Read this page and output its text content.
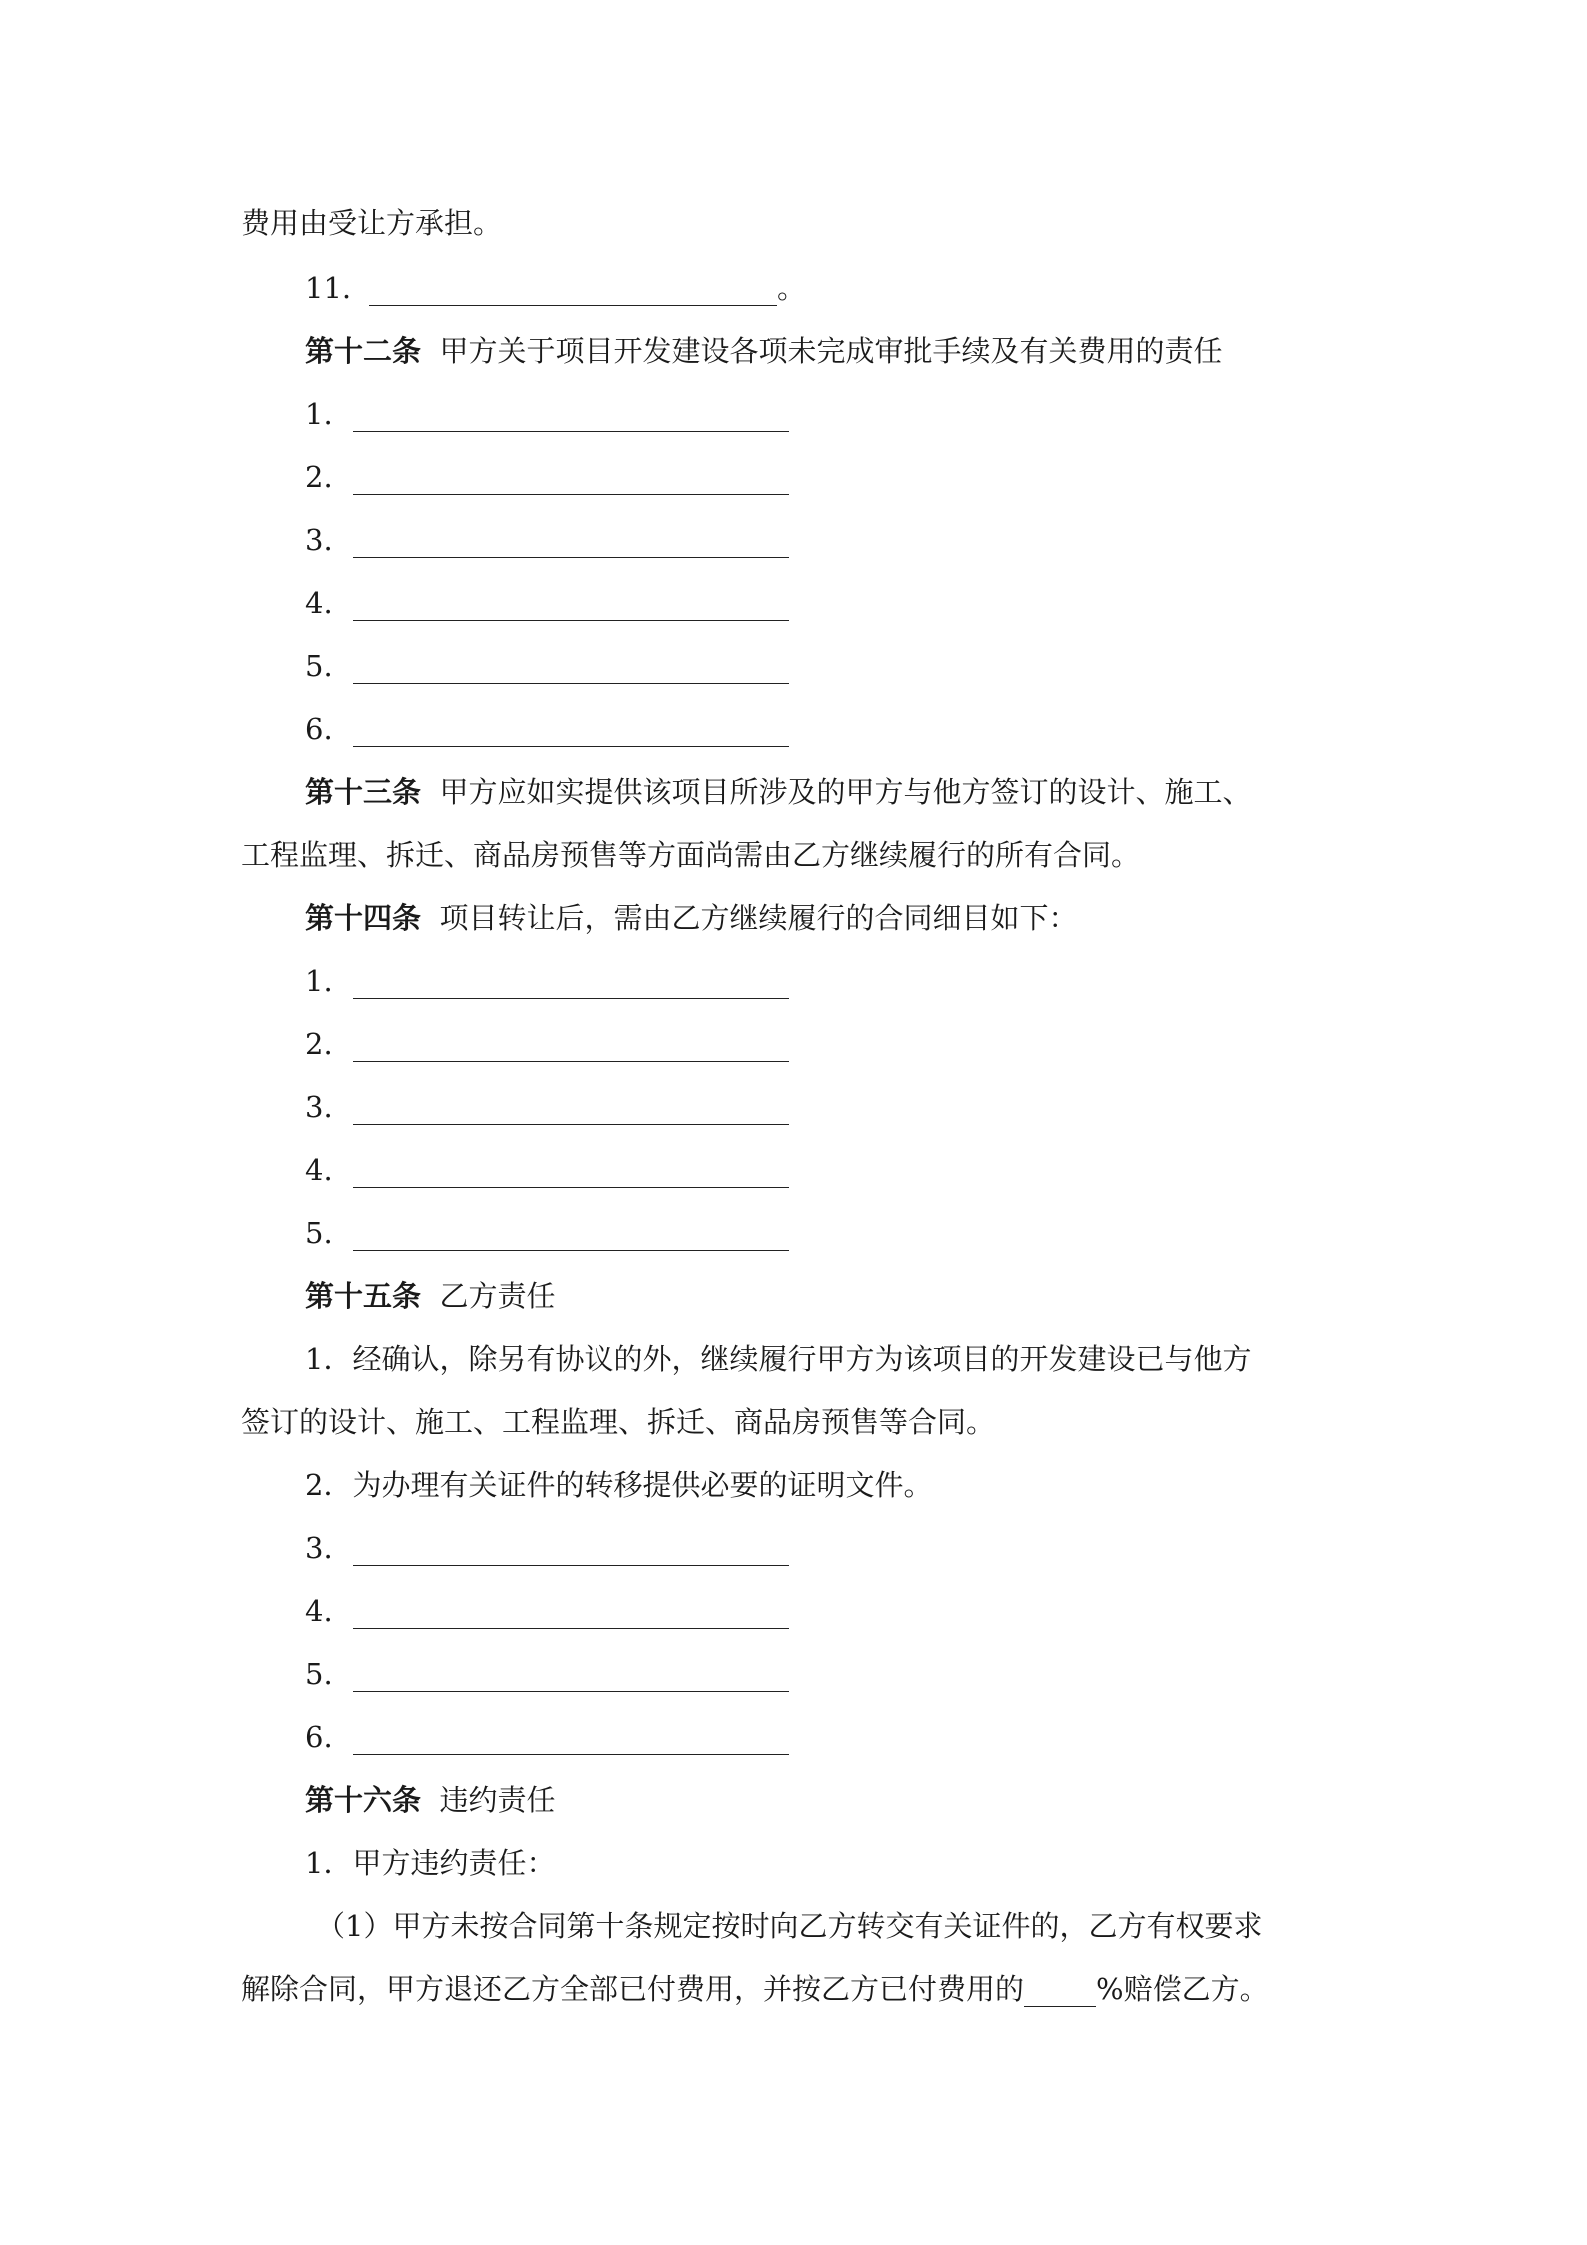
费用由受让方承担。
11.	。
第十二条 甲方关于项目开发建设各项未完成审批手续及有关费用的责任
1.
2.
3.
4.
5.
6.
第十三条 甲方应如实提供该项目所涉及的甲方与他方签订的设计、施工、
工程监理、拆迁、商品房预售等方面尚需由乙方继续履行的所有合同。
第十四条 项目转让后，需由乙方继续履行的合同细目如下：
1.
2.
3.
4.
5.
第十五条 乙方责任
1．经确认，除另有协议的外，继续履行甲方为该项目的开发建设已与他方
签订的设计、施工、工程监理、拆迁、商品房预售等合同。
2．为办理有关证件的转移提供必要的证明文件。
3.
4.
5.
6.
第十六条 违约责任
1．甲方违约责任：
（1）甲方未按合同第十条规定按时向乙方转交有关证件的，乙方有权要求
解除合同，甲方退还乙方全部已付费用，并按乙方已付费用的 %赔偿乙方。
